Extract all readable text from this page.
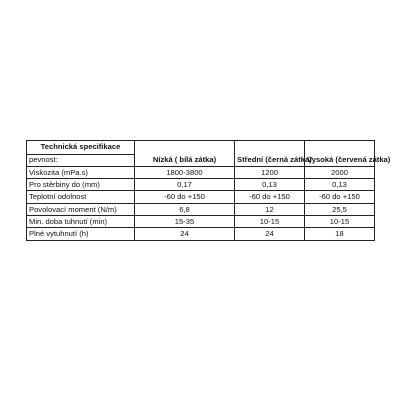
Technická specifikace			
pevnost:	Nízká ( bílá zátka)	Střední (černá zátka)	Vysoká (červená zátka)
Viskozita (mPa.s)	1800-3800	1200	2000
Pro stěrbiny do (mm)	0,17	0,13	0,13
Teplotní odolnost	-60 do +150	-60 do +150	-60 do +150
Povolovací moment (N/m)	6,8	12	25,5
Min. doba tuhnutí (min)	15-35	10-15	10-15
Plné vytuhnutí (h)	24	24	18
